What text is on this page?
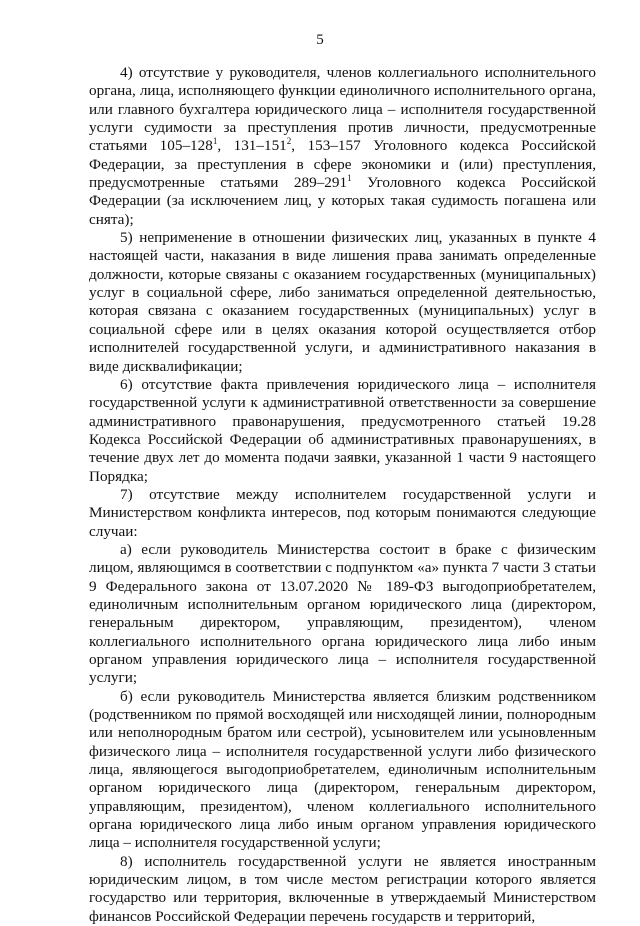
5

4) отсутствие у руководителя, членов коллегиального исполнительного органа, лица, исполняющего функции единоличного исполнительного органа, или главного бухгалтера юридического лица – исполнителя государственной услуги судимости за преступления против личности, предусмотренные статьями $105-128^1$, $131-151^2$, 153–157 Уголовного кодекса Российской Федерации, за преступления в сфере экономики и (или) преступления, предусмотренные статьями $289-291^1$ Уголовного кодекса Российской Федерации (за исключением лиц, у которых такая судимость погашена или снята);

5) неприменение в отношении физических лиц, указанных в пункте 4 настоящей части, наказания в виде лишения права занимать определенные должности, которые связаны с оказанием государственных (муниципальных) услуг в социальной сфере, либо заниматься определенной деятельностью, которая связана с оказанием государственных (муниципальных) услуг в социальной сфере или в целях оказания которой осуществляется отбор исполнителей государственной услуги, и административного наказания в виде дисквалификации;

6) отсутствие факта привлечения юридического лица – исполнителя государственной услуги к административной ответственности за совершение административного правонарушения, предусмотренного статьей 19.28 Кодекса Российской Федерации об административных правонарушениях, в течение двух лет до момента подачи заявки, указанной 1 части 9 настоящего Порядка;

7) отсутствие между исполнителем государственной услуги и Министерством конфликта интересов, под которым понимаются следующие случаи:

а) если руководитель Министерства состоит в браке с физическим лицом, являющимся в соответствии с подпунктом «а» пункта 7 части 3 статьи 9 Федерального закона от 13.07.2020 № 189-ФЗ выгодоприобретателем, единоличным исполнительным органом юридического лица (директором, генеральным директором, управляющим, президентом), членом коллегиального исполнительного органа юридического лица либо иным органом управления юридического лица – исполнителя государственной услуги;

б) если руководитель Министерства является близким родственником (родственником по прямой восходящей или нисходящей линии, полнородным или неполнородным братом или сестрой), усыновителем или усыновленным физического лица – исполнителя государственной услуги либо физического лица, являющегося выгодоприобретателем, единоличным исполнительным органом юридического лица (директором, генеральным директором, управляющим, президентом), членом коллегиального исполнительного органа юридического лица либо иным органом управления юридического лица – исполнителя государственной услуги;

8) исполнитель государственной услуги не является иностранным юридическим лицом, в том числе местом регистрации которого является государство или территория, включенные в утверждаемый Министерством финансов Российской Федерации перечень государств и территорий,
